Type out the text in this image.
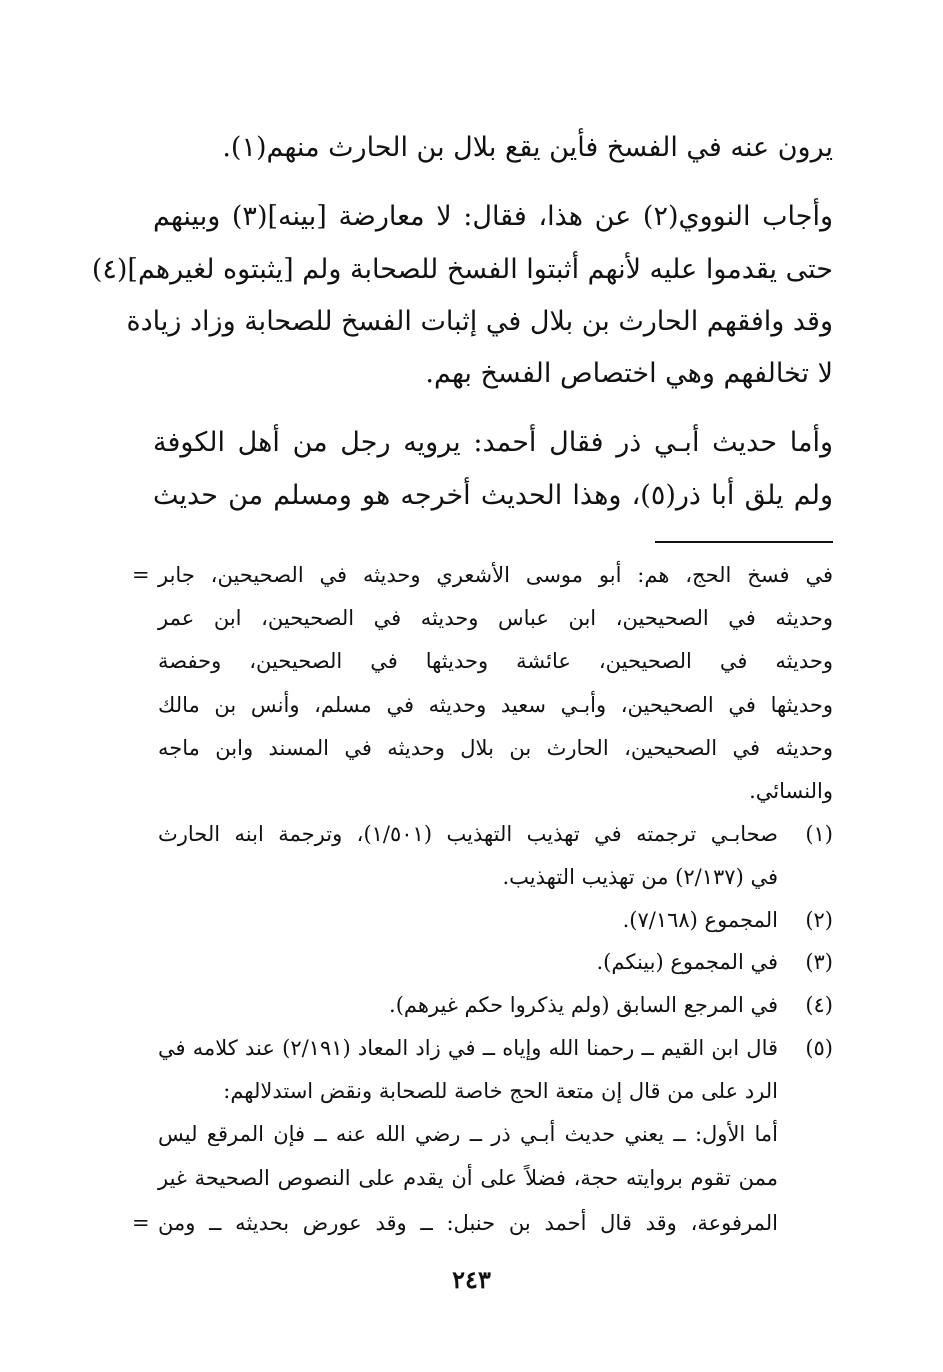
يرون عنه في الفسخ فأين يقع بلال بن الحارث منهم(١).
وأجاب النووي(٢) عن هذا، فقال: لا معارضة [بينه](٣) وبينهم
حتى يقدموا عليه لأنهم أثبتوا الفسخ للصحابة ولم [يثبتوه لغيرهم](٤)
وقد وافقهم الحارث بن بلال في إثبات الفسخ للصحابة وزاد زيادة
لا تخالفهم وهي اختصاص الفسخ بهم.
وأما حديث أبـي ذر فقال أحمد: يرويه رجل من أهل الكوفة
ولم يلق أبا ذر(٥)، وهذا الحديث أخرجه هو ومسلم من حديث
= في فسخ الحج، هم: أبو موسى الأشعري وحديثه في الصحيحين، جابر
وحديثه في الصحيحين، ابن عباس وحديثه في الصحيحين، ابن عمر
وحديثه في الصحيحين، عائشة وحديثها في الصحيحين، وحفصة
وحديثها في الصحيحين، وأبـي سعيد وحديثه في مسلم، وأنس بن مالك
وحديثه في الصحيحين، الحارث بن بلال وحديثه في المسند وابن ماجه
والنسائي.
(١)
صحابـي ترجمته في تهذيب التهذيب (١/٥٠١)، وترجمة ابنه الحارث
في (٢/١٣٧) من تهذيب التهذيب.
(٢)
المجموع (٧/١٦٨).
(٣)
في المجموع (بينكم).
(٤)
في المرجع السابق (ولم يذكروا حكم غيرهم).
(٥)
قال ابن القيم ــ رحمنا الله وإياه ــ في زاد المعاد (٢/١٩١) عند كلامه في
الرد على من قال إن متعة الحج خاصة للصحابة ونقض استدلالهم:
أما الأول: ــ يعني حديث أبـي ذر ــ رضي الله عنه ــ فإن المرقع ليس
ممن تقوم بروايته حجة، فضلاً على أن يقدم على النصوص الصحيحة غير
المرفوعة، وقد قال أحمد بن حنبل: ــ وقد عورض بحديثه ــ ومن
=
٢٤٣
